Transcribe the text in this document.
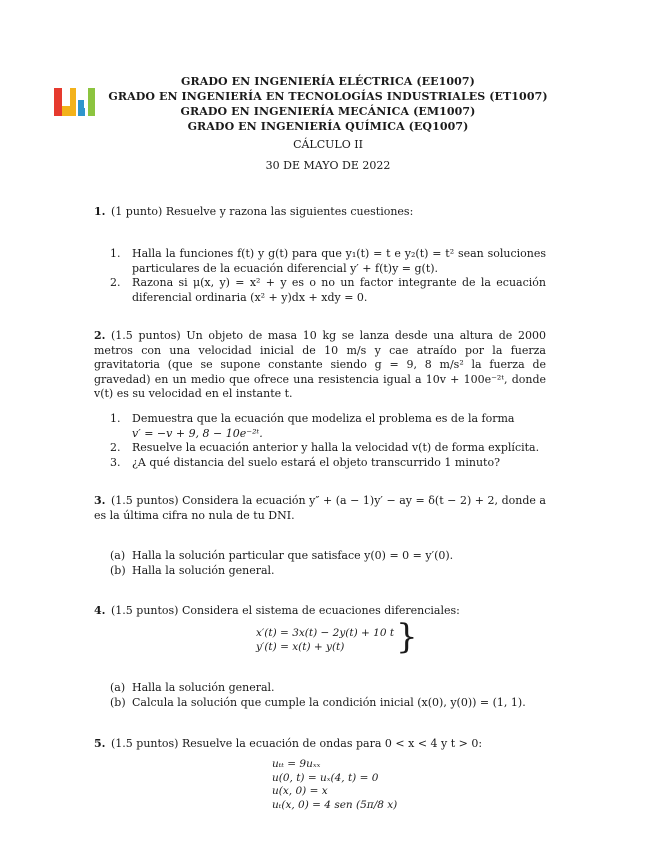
GRADO EN INGENIERÍA ELÉCTRICA (EE1007)
GRADO EN INGENIERÍA EN TECNOLOGÍAS INDUSTRIALES (ET1007)
GRADO EN INGENIERÍA MECÁNICA (EM1007)
GRADO EN INGENIERÍA QUÍMICA (EQ1007)
CÁLCULO II
30 DE MAYO DE 2022
1. (1 punto) Resuelve y razona las siguientes cuestiones:
1. Halla la funciones f(t) y g(t) para que y₁(t) = t e y₂(t) = t² sean soluciones particulares de la ecuación diferencial y′ + f(t)y = g(t).
2. Razona si μ(x, y) = x² + y es o no un factor integrante de la ecuación diferencial ordinaria (x² + y)dx + xdy = 0.
2. (1.5 puntos) Un objeto de masa 10 kg se lanza desde una altura de 2000 metros con una velocidad inicial de 10 m/s y cae atraído por la fuerza gravitatoria (que se supone constante siendo g = 9, 8 m/s² la fuerza de gravedad) en un medio que ofrece una resistencia igual a 10v + 100e⁻²ᵗ, donde v(t) es su velocidad en el instante t.
1. Demuestra que la ecuación que modeliza el problema es de la forma
v′ = −v + 9, 8 − 10e⁻²ᵗ.
2. Resuelve la ecuación anterior y halla la velocidad v(t) de forma explícita.
3. ¿A qué distancia del suelo estará el objeto transcurrido 1 minuto?
3. (1.5 puntos) Considera la ecuación y″ + (a − 1)y′ − ay = δ(t − 2) + 2, donde a es la última cifra no nula de tu DNI.
(a) Halla la solución particular que satisface y(0) = 0 = y′(0).
(b) Halla la solución general.
4. (1.5 puntos) Considera el sistema de ecuaciones diferenciales:
x′(t) = 3x(t) − 2y(t) + 10 t
y′(t) = x(t) + y(t)	}
(a) Halla la solución general.
(b) Calcula la solución que cumple la condición inicial (x(0), y(0)) = (1, 1).
5. (1.5 puntos) Resuelve la ecuación de ondas para 0 < x < 4 y t > 0:
uₜₜ = 9uₓₓ
u(0, t) = uₓ(4, t) = 0
u(x, 0) = x
uₜ(x, 0) = 4 sen (5π/8 x)
